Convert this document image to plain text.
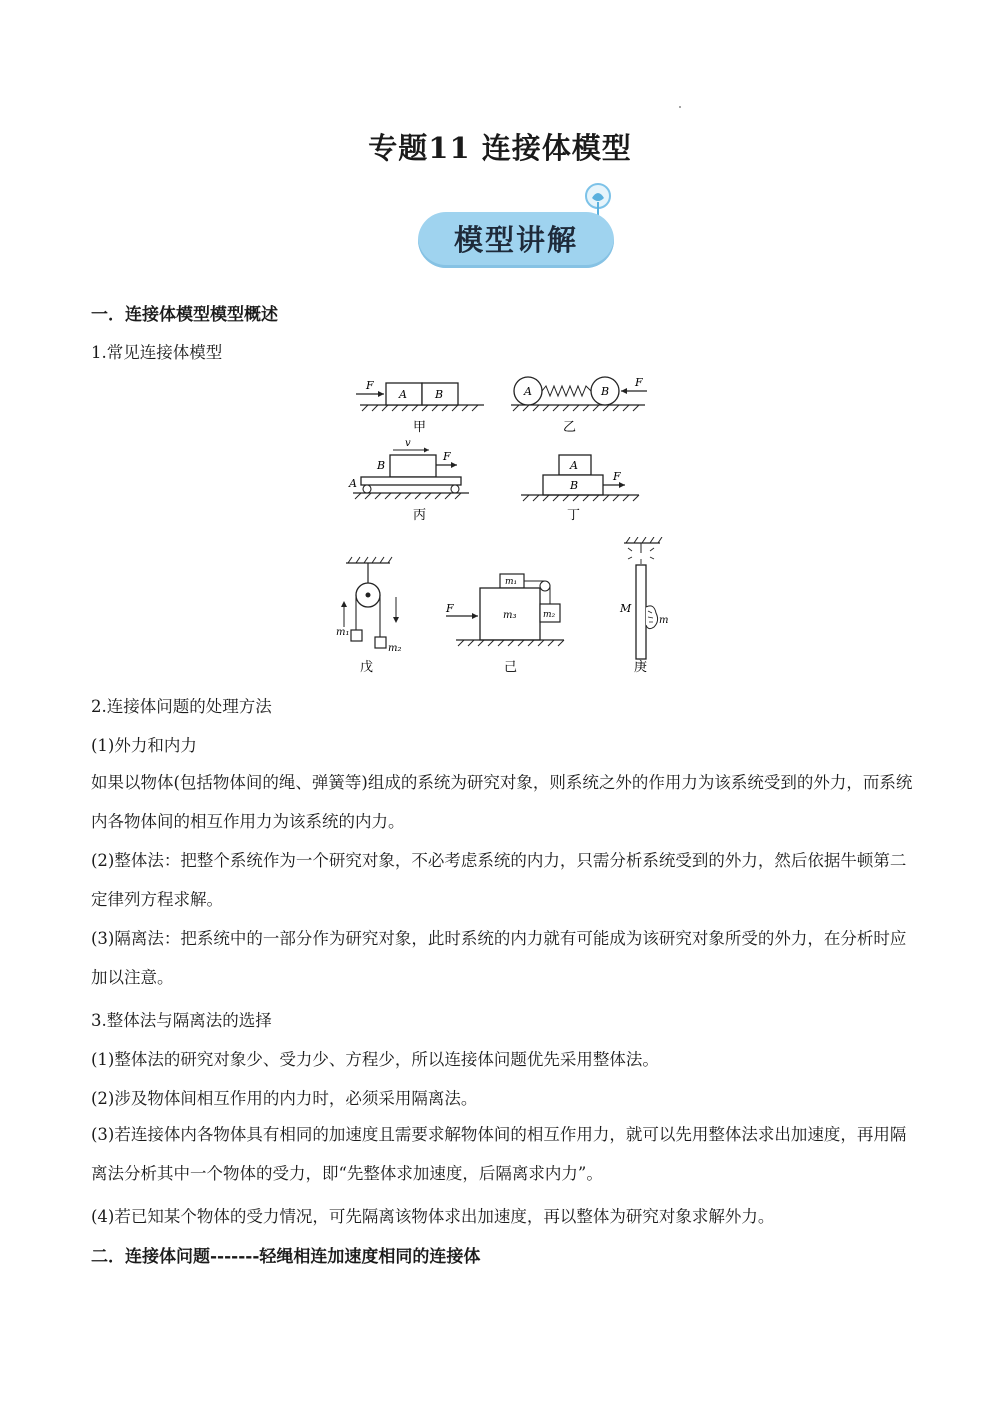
专题11 连接体模型
模型讲解
一．连接体模型模型概述
1.常见连接体模型
F
A	B
甲
F
A	B
乙
v
F
B
A
丙
A
B
F
丁
m₁
m₂
戊
m₁
m₃	m₂
F
己
M
m
庚
2.连接体问题的处理方法
(1)外力和内力
如果以物体(包括物体间的绳、弹簧等)组成的系统为研究对象，则系统之外的作用力为该系统受到的外力，而系统内各物体间的相互作用力为该系统的内力。
(2)整体法：把整个系统作为一个研究对象，不必考虑系统的内力，只需分析系统受到的外力，然后依据牛顿第二定律列方程求解。
(3)隔离法：把系统中的一部分作为研究对象，此时系统的内力就有可能成为该研究对象所受的外力，在分析时应加以注意。
3.整体法与隔离法的选择
(1)整体法的研究对象少、受力少、方程少，所以连接体问题优先采用整体法。
(2)涉及物体间相互作用的内力时，必须采用隔离法。
(3)若连接体内各物体具有相同的加速度且需要求解物体间的相互作用力，就可以先用整体法求出加速度，再用隔离法分析其中一个物体的受力，即“先整体求加速度，后隔离求内力”。
(4)若已知某个物体的受力情况，可先隔离该物体求出加速度，再以整体为研究对象求解外力。
二．连接体问题-------轻绳相连加速度相同的连接体
